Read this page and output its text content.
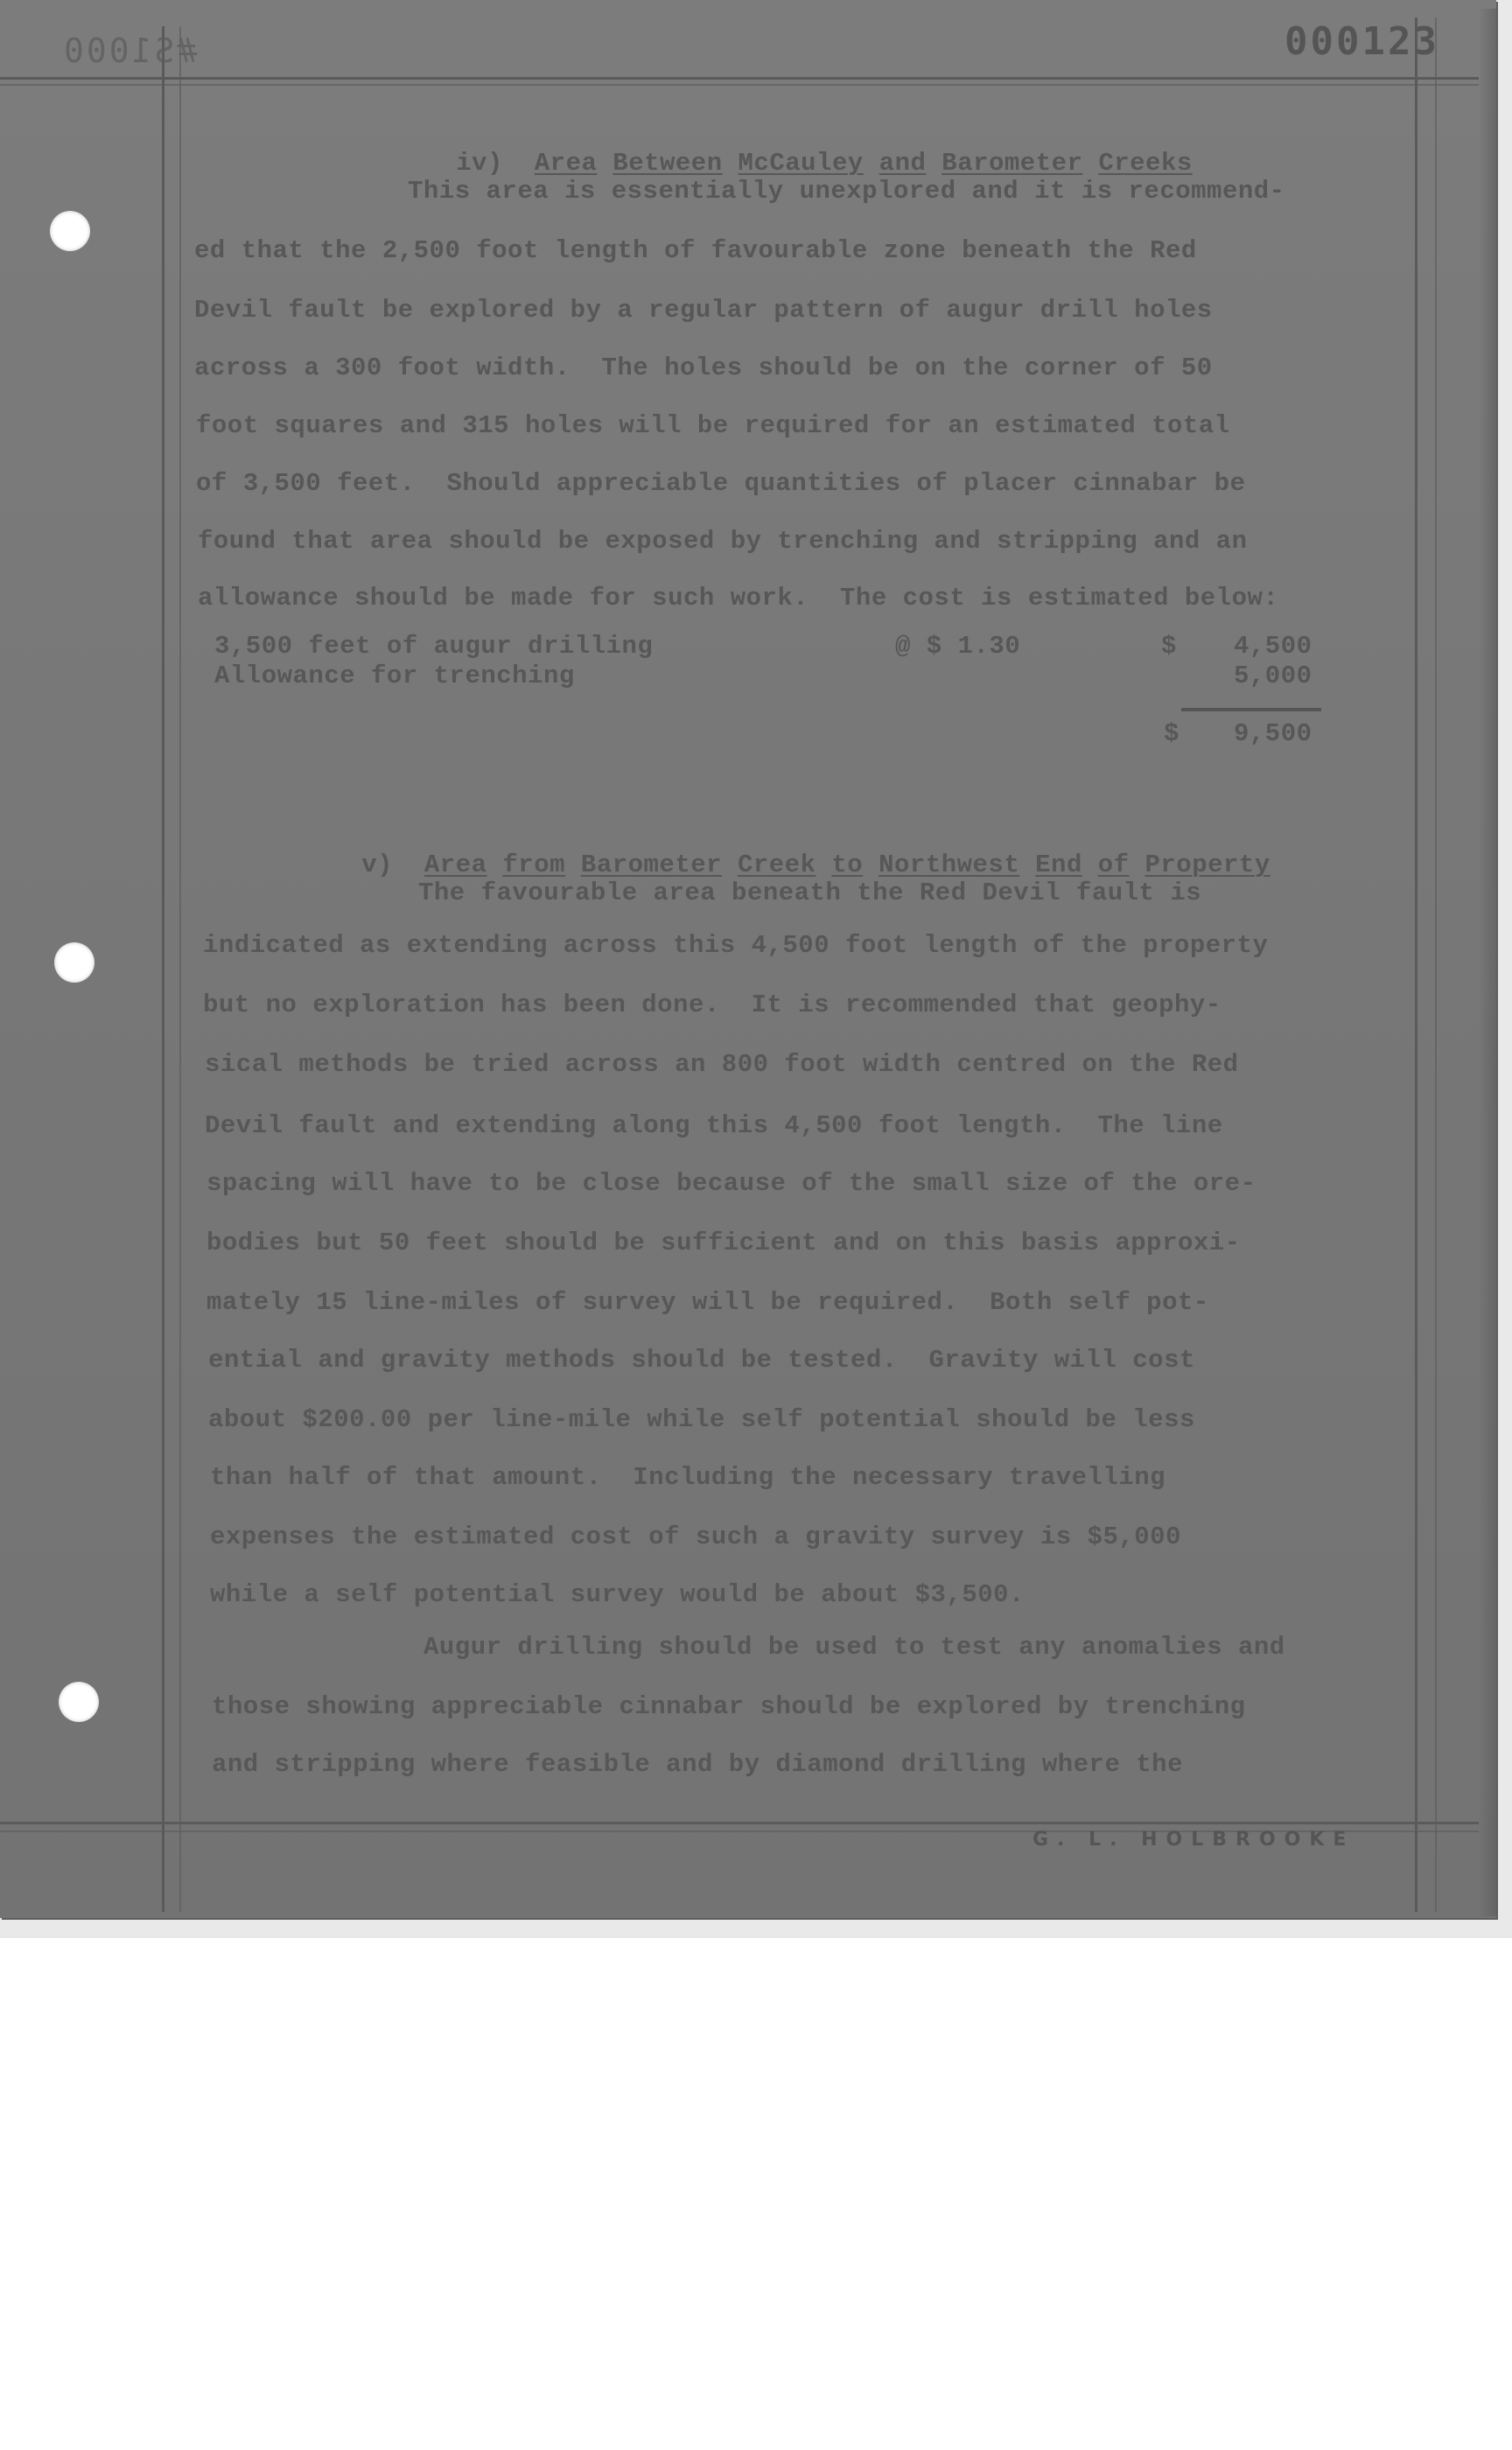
#S1000	000123

iv) Area Between McCauley and Barometer Creeks

This area is essentially unexplored and it is recommend-

ed that the 2,500 foot length of favourable zone beneath the Red

Devil fault be explored by a regular pattern of augur drill holes

across a 300 foot width.  The holes should be on the corner of 50

foot squares and 315 holes will be required for an estimated total

of 3,500 feet.  Should appreciable quantities of placer cinnabar be

found that area should be exposed by trenching and stripping and an

allowance should be made for such work.  The cost is estimated below:

3,500 feet of augur drilling	@ $ 1.30	$ 4,500

Allowance for trenching	5,000

$ 9,500

v) Area from Barometer Creek to Northwest End of Property

The favourable area beneath the Red Devil fault is

indicated as extending across this 4,500 foot length of the property

but no exploration has been done.  It is recommended that geophy-

sical methods be tried across an 800 foot width centred on the Red

Devil fault and extending along this 4,500 foot length.  The line

spacing will have to be close because of the small size of the ore-

bodies but 50 feet should be sufficient and on this basis approxi-

mately 15 line-miles of survey will be required.  Both self pot-

ential and gravity methods should be tested.  Gravity will cost

about $200.00 per line-mile while self potential should be less

than half of that amount.  Including the necessary travelling

expenses the estimated cost of such a gravity survey is $5,000

while a self potential survey would be about $3,500.

Augur drilling should be used to test any anomalies and

those showing appreciable cinnabar should be explored by trenching

and stripping where feasible and by diamond drilling where the

G. L. HOLBROOKE
